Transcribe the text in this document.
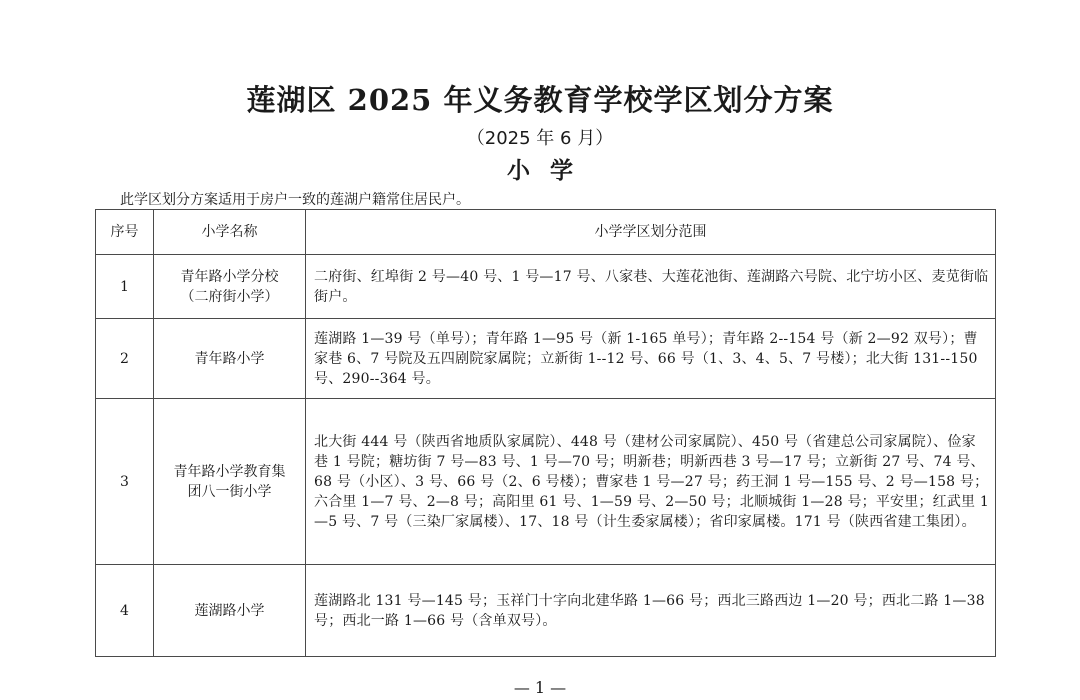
莲湖区 2025 年义务教育学校学区划分方案
（2025 年 6 月）
小学
此学区划分方案适用于房户一致的莲湖户籍常住居民户。
序号	小学名称	小学学区划分范围
1	青年路小学分校（二府街小学）	二府街、红埠街 2 号—40 号、1 号—17 号、八家巷、大莲花池街、莲湖路六号院、北宁坊小区、麦苋街临街户。
2	青年路小学	莲湖路 1—39 号（单号）；青年路 1—95 号（新 1-165 单号）；青年路 2--154 号（新 2—92 双号）；曹家巷 6、7 号院及五四剧院家属院；立新街 1--12 号、66 号（1、3、4、5、7 号楼）；北大街 131--150 号、290--364 号。
3	青年路小学教育集团八一街小学	北大街 444 号（陕西省地质队家属院）、448 号（建材公司家属院）、450 号（省建总公司家属院）、俭家巷 1 号院；糖坊街 7 号—83 号、1 号—70 号；明新巷；明新西巷 3 号—17 号；立新街 27 号、74 号、68 号（小区）、3 号、66 号（2、6 号楼）；曹家巷 1 号—27 号；药王洞 1 号—155 号、2 号—158 号；六合里 1—7 号、2—8 号；高阳里 61 号、1—59 号、2—50 号；北顺城街 1—28 号；平安里；红武里 1—5 号、7 号（三染厂家属楼）、17、18 号（计生委家属楼）；省印家属楼。171 号（陕西省建工集团）。
4	莲湖路小学	莲湖路北 131 号—145 号；玉祥门十字向北建华路 1—66 号；西北三路西边 1—20 号；西北二路 1—38 号；西北一路 1—66 号（含单双号）。
— 1 —
